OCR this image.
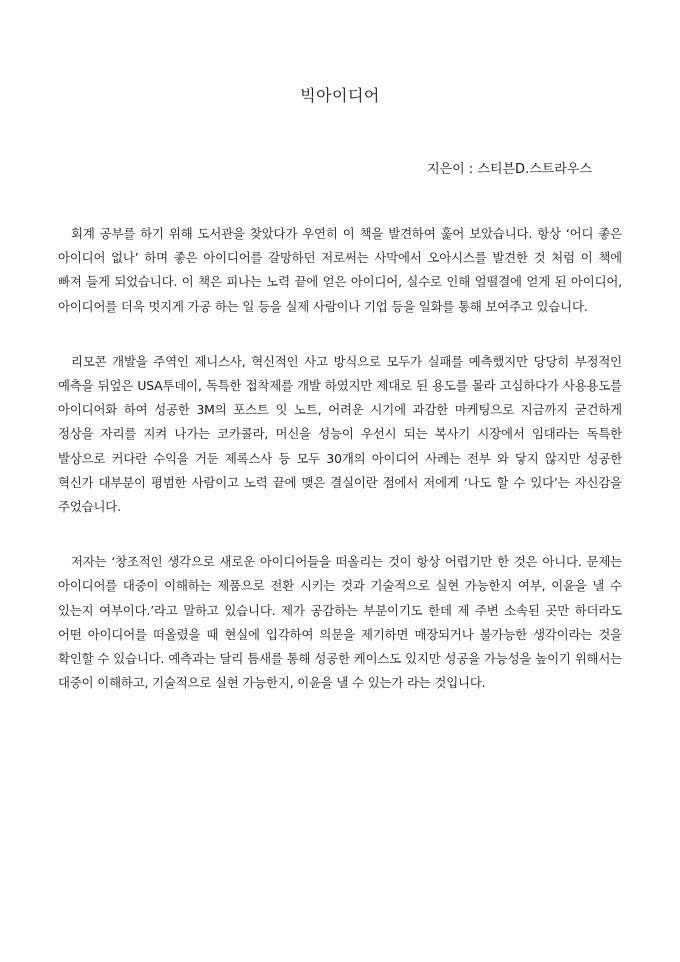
빅아이디어

지은이 : 스티븐D.스트라우스

회계 공부를 하기 위해 도서관을 찾았다가 우연히 이 책을 발견하여 훑어 보았습니다. 항상 ‘어디 좋은 아이디어 없나’ 하며 좋은 아이디어를 갈망하던 저로써는 사막에서 오아시스를 발견한 것 처럼 이 책에 빠져 들게 되었습니다. 이 책은 피나는 노력 끝에 얻은 아이디어, 실수로 인해 얼떨결에 얻게 된 아이디어, 아이디어를 더욱 멋지게 가공 하는 일 등을 실제 사람이나 기업 등을 일화를 통해 보여주고 있습니다.

리모콘 개발을 주역인 제니스사, 혁신적인 사고 방식으로 모두가 실패를 예측했지만 당당히 부정적인 예측을 뒤엎은 USA투데이, 독특한 접착제를 개발 하였지만 제대로 된 용도를 몰라 고심하다가 사용용도를 아이디어화 하여 성공한 3M의 포스트 잇 노트, 어려운 시기에 과감한 마케팅으로 지금까지 굳건하게 정상을 자리를 지켜 나가는 코카콜라, 머신을 성능이 우선시 되는 복사기 시장에서 임대라는 독특한 발상으로 커다란 수익을 거둔 제록스사 등 모두 30개의 아이디어 사례는 전부 와 닿지 않지만 성공한 혁신가 대부분이 평범한 사람이고 노력 끝에 맺은 결실이란 점에서 저에게 ‘나도 할 수 있다’는 자신감을 주었습니다.

저자는 ‘창조적인 생각으로 새로운 아이디어들을 떠올리는 것이 항상 어렵기만 한 것은 아니다. 문제는 아이디어를 대중이 이해하는 제품으로 전환 시키는 것과 기술적으로 실현 가능한지 여부, 이윤을 낼 수 있는지 여부이다.’라고 말하고 있습니다. 제가 공감하는 부분이기도 한데 제 주변 소속된 곳만 하더라도 어떤 아이디어를 떠올렸을 때 현실에 입각하여 의문을 제기하면 매장되거나 불가능한 생각이라는 것을 확인할 수 있습니다. 예측과는 달리 틈새를 통해 성공한 케이스도 있지만 성공을 가능성을 높이기 위해서는 대중이 이해하고, 기술적으로 실현 가능한지, 이윤을 낼 수 있는가 라는 것입니다.
